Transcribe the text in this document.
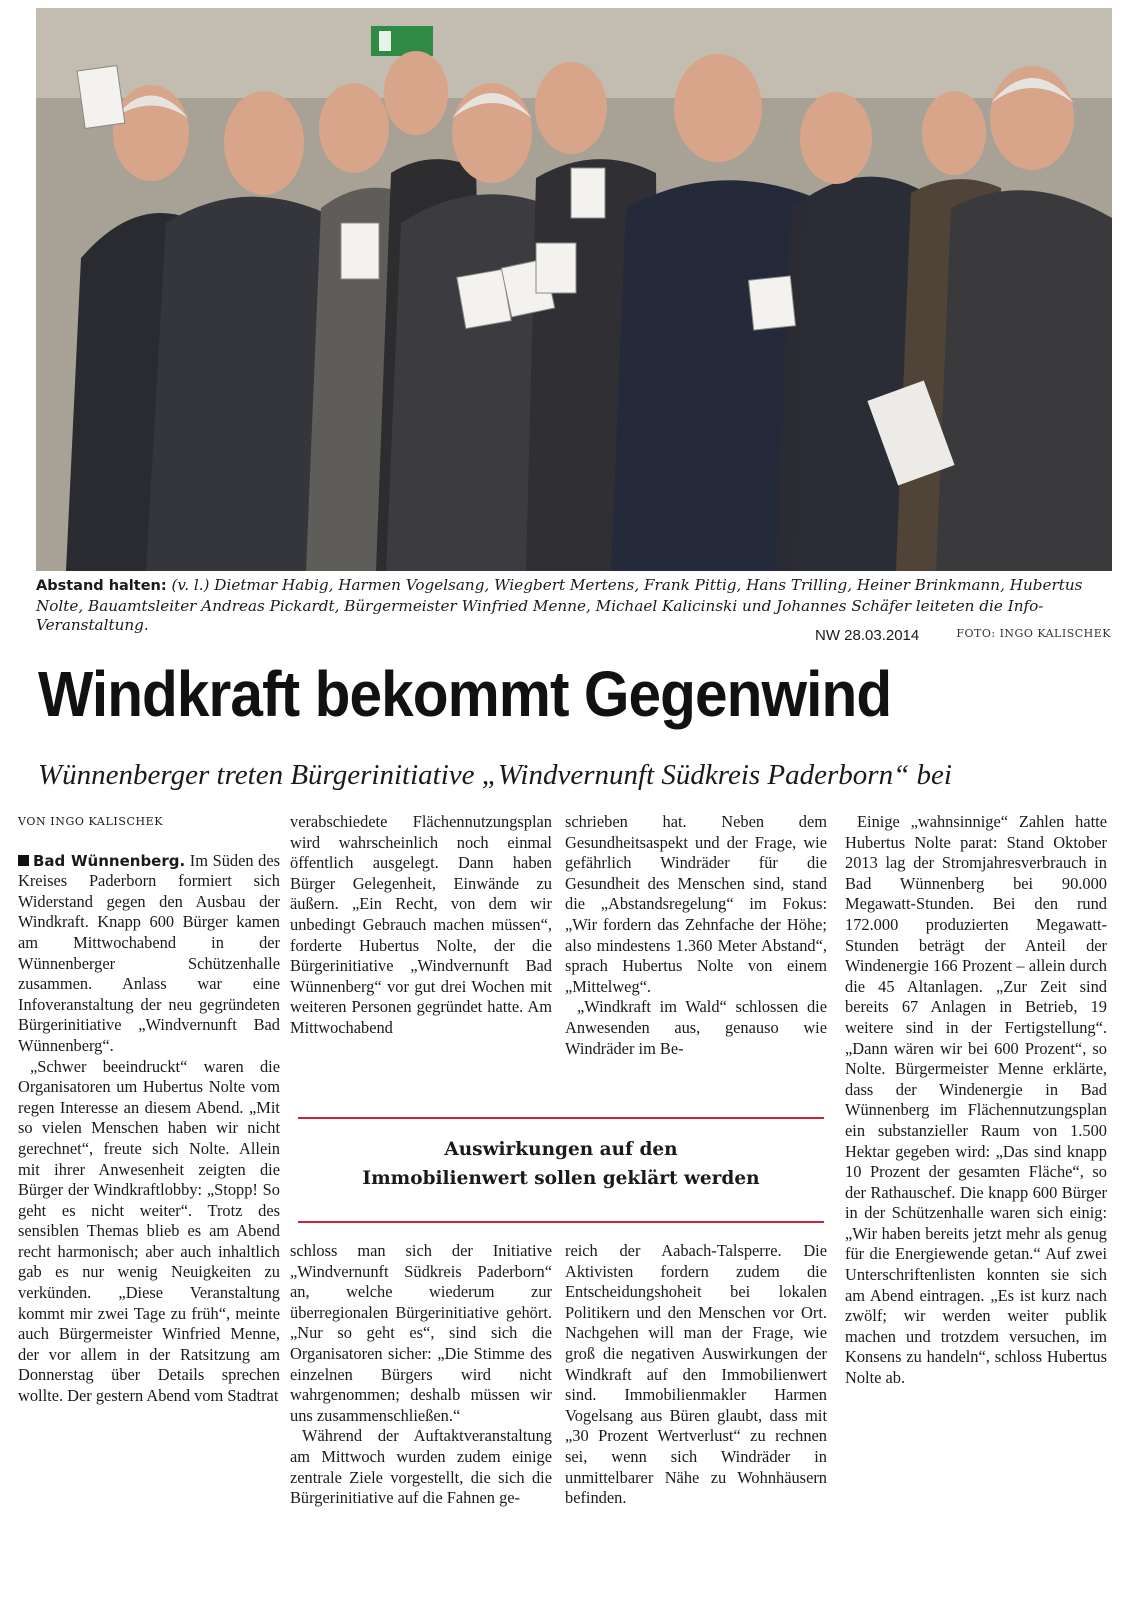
Abstand halten: (v. l.) Dietmar Habig, Harmen Vogelsang, Wiegbert Mertens, Frank Pittig, Hans Trilling, Heiner Brinkmann, Hubertus Nolte, Bauamtsleiter Andreas Pickardt, Bürgermeister Winfried Menne, Michael Kalicinski und Johannes Schäfer leiteten die Info-Veranstaltung.
NW 28.03.2014	FOTO: INGO KALISCHEK
Windkraft bekommt Gegenwind
Wünnenberger treten Bürgerinitiative „Windvernunft Südkreis Paderborn“ bei
VON INGO KALISCHEK

Bad Wünnenberg. Im Süden des Kreises Paderborn formiert sich Widerstand gegen den Ausbau der Windkraft. Knapp 600 Bürger kamen am Mittwochabend in der Wünnenberger Schützenhalle zusammen. Anlass war eine Infoveranstaltung der neu gegründeten Bürgerinitiative „Windvernunft Bad Wünnenberg“.

„Schwer beeindruckt“ waren die Organisatoren um Hubertus Nolte vom regen Interesse an diesem Abend. „Mit so vielen Menschen haben wir nicht gerechnet“, freute sich Nolte. Allein mit ihrer Anwesenheit zeigten die Bürger der Windkraftlobby: „Stopp! So geht es nicht weiter“. Trotz des sensiblen Themas blieb es am Abend recht harmonisch; aber auch inhaltlich gab es nur wenig Neuigkeiten zu verkünden. „Diese Veranstaltung kommt mir zwei Tage zu früh“, meinte auch Bürgermeister Winfried Menne, der vor allem in der Ratsitzung am Donnerstag über Details sprechen wollte. Der gestern Abend vom Stadtrat

verabschiedete Flächennutzungsplan wird wahrscheinlich noch einmal öffentlich ausgelegt. Dann haben Bürger Gelegenheit, Einwände zu äußern. „Ein Recht, von dem wir unbedingt Gebrauch machen müssen“, forderte Hubertus Nolte, der die Bürgerinitiative „Windvernunft Bad Wünnenberg“ vor gut drei Wochen mit weiteren Personen gegründet hatte. Am Mittwochabend

schrieben hat. Neben dem Gesundheitsaspekt und der Frage, wie gefährlich Windräder für die Gesundheit des Menschen sind, stand die „Abstandsregelung“ im Fokus: „Wir fordern das Zehnfache der Höhe; also mindestens 1.360 Meter Abstand“, sprach Hubertus Nolte von einem „Mittelweg“.

„Windkraft im Wald“ schlossen die Anwesenden aus, genauso wie Windräder im Be-

Auswirkungen auf den
Immobilienwert sollen geklärt werden

schloss man sich der Initiative „Windvernunft Südkreis Paderborn“ an, welche wiederum zur überregionalen Bürgerinitiative gehört. „Nur so geht es“, sind sich die Organisatoren sicher: „Die Stimme des einzelnen Bürgers wird nicht wahrgenommen; deshalb müssen wir uns zusammenschließen.“

Während der Auftaktveranstaltung am Mittwoch wurden zudem einige zentrale Ziele vorgestellt, die sich die Bürgerinitiative auf die Fahnen ge-

reich der Aabach-Talsperre. Die Aktivisten fordern zudem die Entscheidungshoheit bei lokalen Politikern und den Menschen vor Ort. Nachgehen will man der Frage, wie groß die negativen Auswirkungen der Windkraft auf den Immobilienwert sind. Immobilienmakler Harmen Vogelsang aus Büren glaubt, dass mit „30 Prozent Wertverlust“ zu rechnen sei, wenn sich Windräder in unmittelbarer Nähe zu Wohnhäusern befinden.

Einige „wahnsinnige“ Zahlen hatte Hubertus Nolte parat: Stand Oktober 2013 lag der Stromjahresverbrauch in Bad Wünnenberg bei 90.000 Megawatt-Stunden. Bei den rund 172.000 produzierten Megawatt-Stunden beträgt der Anteil der Windenergie 166 Prozent – allein durch die 45 Altanlagen. „Zur Zeit sind bereits 67 Anlagen in Betrieb, 19 weitere sind in der Fertigstellung“. „Dann wären wir bei 600 Prozent“, so Nolte. Bürgermeister Menne erklärte, dass der Windenergie in Bad Wünnenberg im Flächennutzungsplan ein substanzieller Raum von 1.500 Hektar gegeben wird: „Das sind knapp 10 Prozent der gesamten Fläche“, so der Rathauschef. Die knapp 600 Bürger in der Schützenhalle waren sich einig: „Wir haben bereits jetzt mehr als genug für die Energiewende getan.“ Auf zwei Unterschriftenlisten konnten sie sich am Abend eintragen. „Es ist kurz nach zwölf; wir werden weiter publik machen und trotzdem versuchen, im Konsens zu handeln“, schloss Hubertus Nolte ab.
